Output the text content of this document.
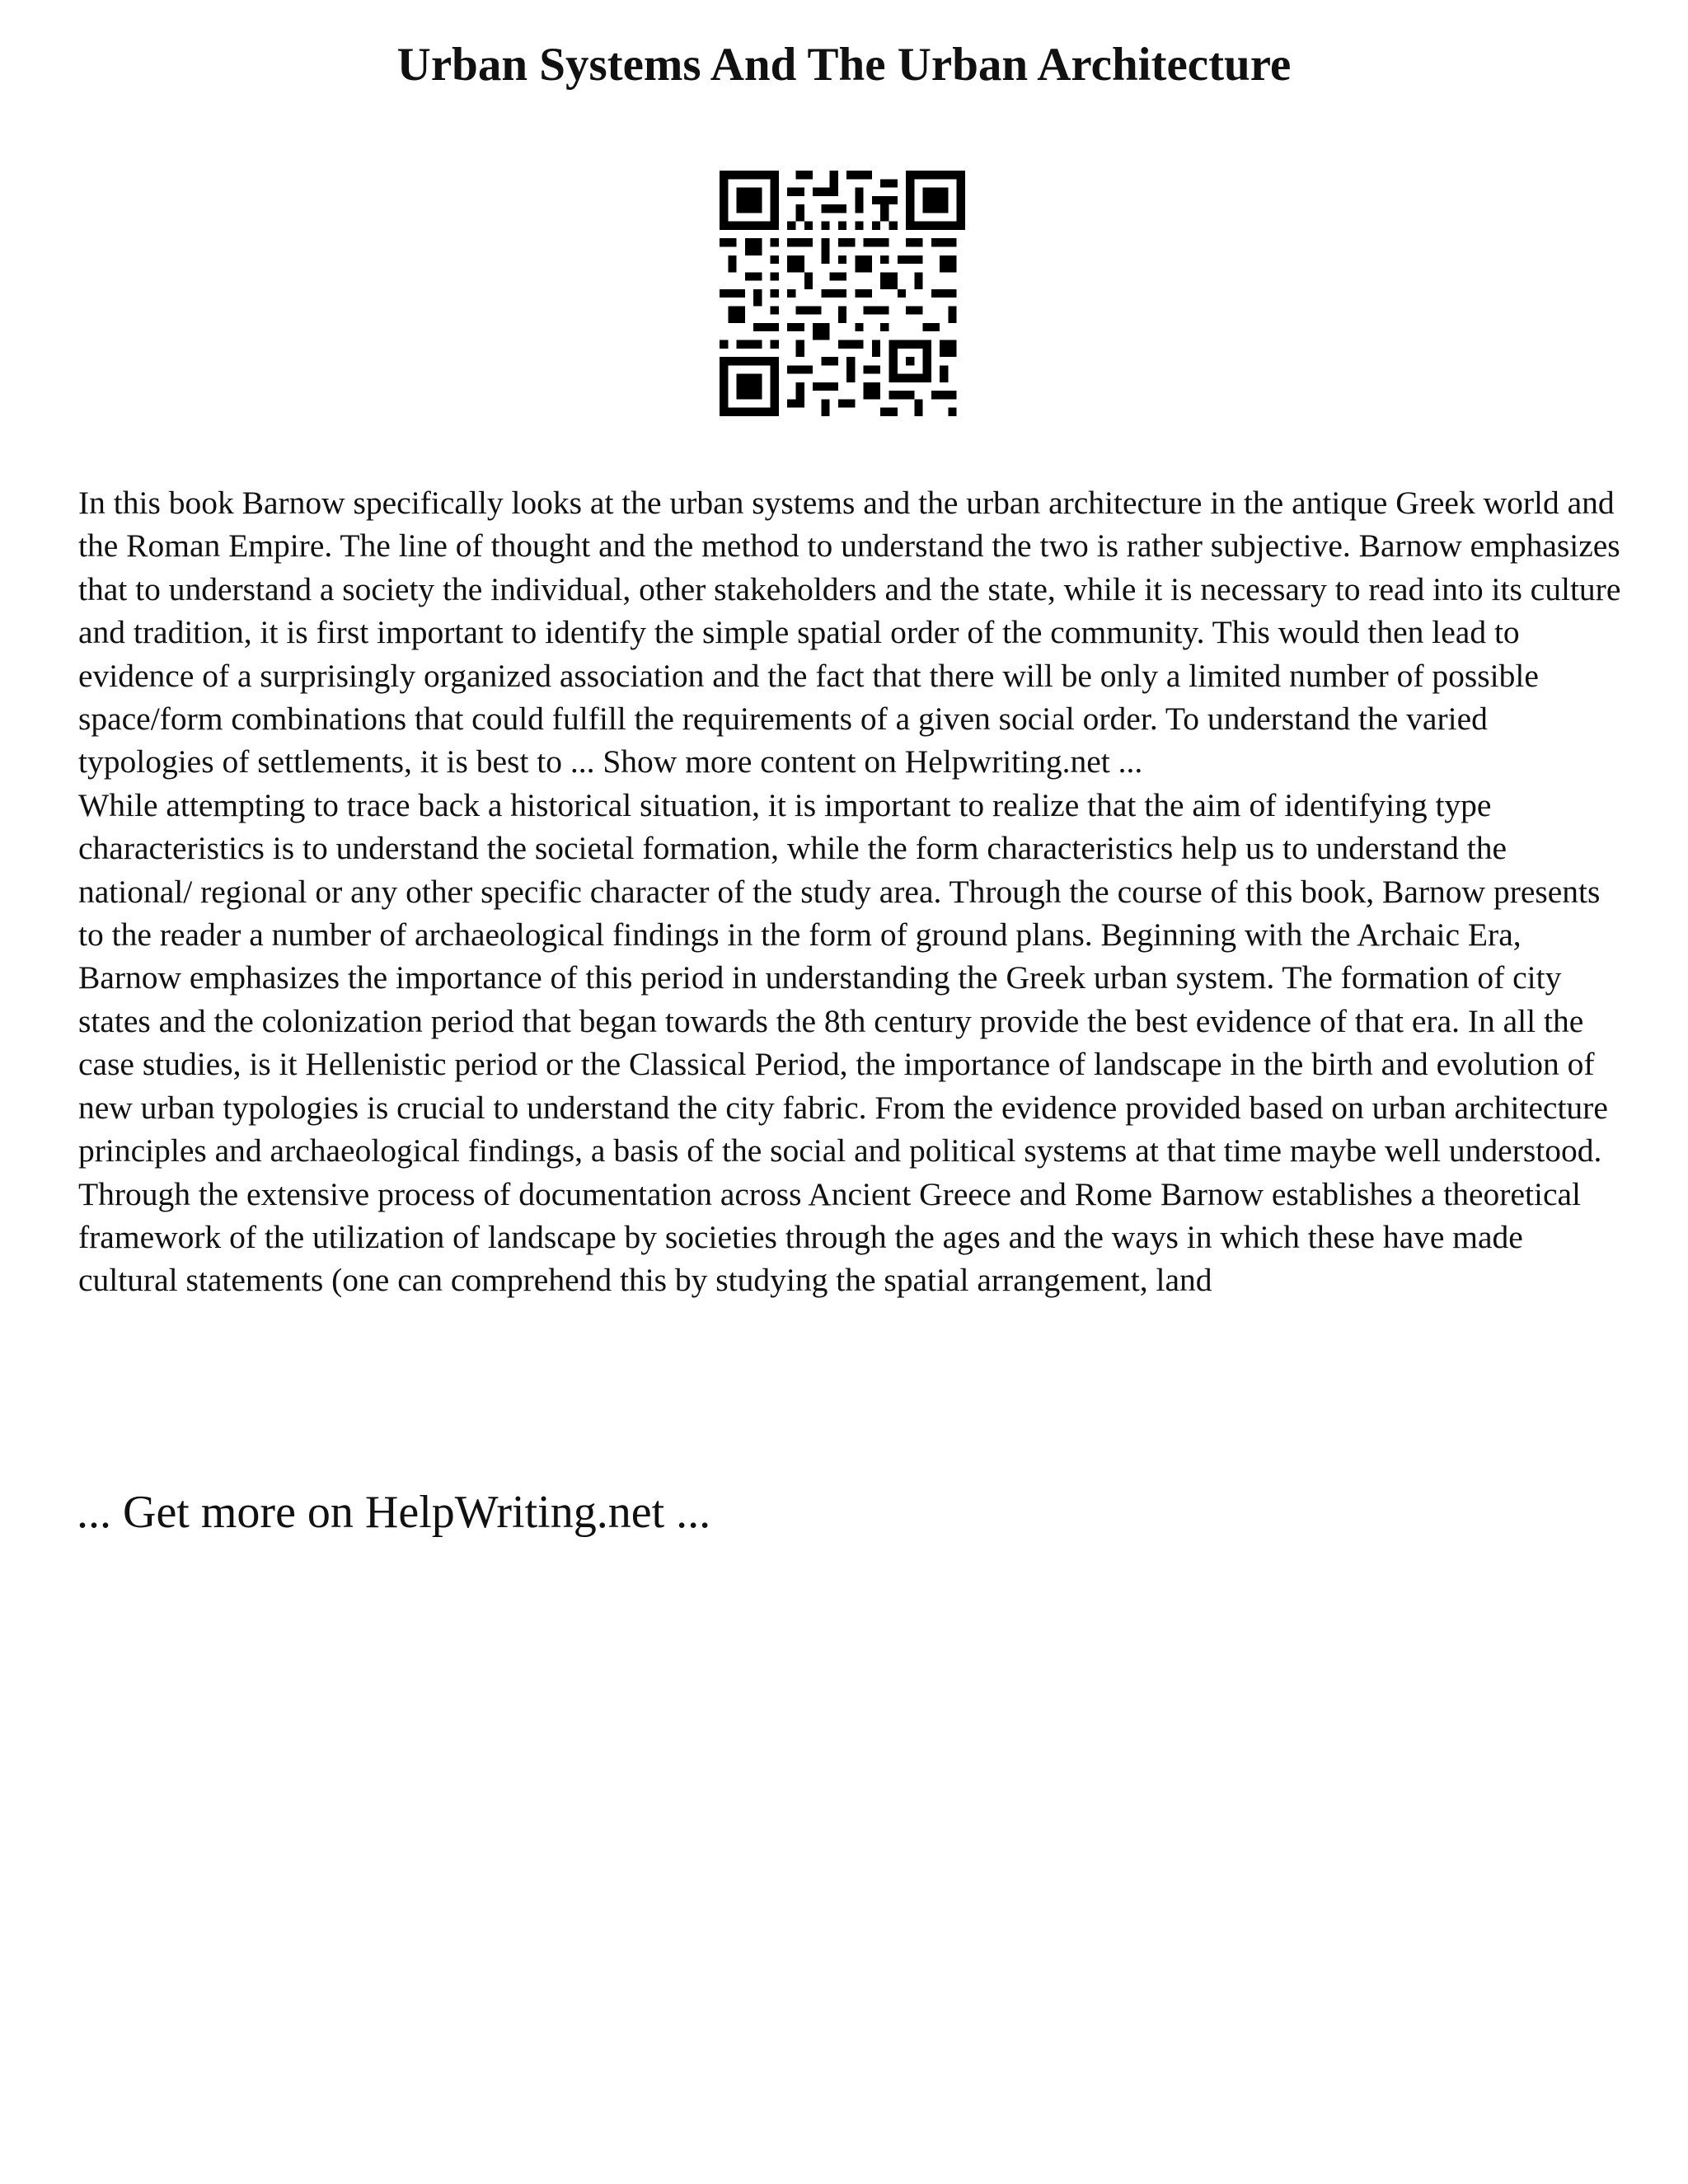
Urban Systems And The Urban Architecture

In this book Barnow specifically looks at the urban systems and the urban architecture in the antique Greek world and the Roman Empire. The line of thought and the method to understand the two is rather subjective. Barnow emphasizes that to understand a society the individual, other stakeholders and the state, while it is necessary to read into its culture and tradition, it is first important to identify the simple spatial order of the community. This would then lead to evidence of a surprisingly organized association and the fact that there will be only a limited number of possible space/form combinations that could fulfill the requirements of a given social order. To understand the varied typologies of settlements, it is best to ... Show more content on Helpwriting.net ...

While attempting to trace back a historical situation, it is important to realize that the aim of identifying type characteristics is to understand the societal formation, while the form characteristics help us to understand the national/ regional or any other specific character of the study area. Through the course of this book, Barnow presents to the reader a number of archaeological findings in the form of ground plans. Beginning with the Archaic Era, Barnow emphasizes the importance of this period in understanding the Greek urban system. The formation of city states and the colonization period that began towards the 8th century provide the best evidence of that era. In all the case studies, is it Hellenistic period or the Classical Period, the importance of landscape in the birth and evolution of new urban typologies is crucial to understand the city fabric. From the evidence provided based on urban architecture principles and archaeological findings, a basis of the social and political systems at that time maybe well understood. Through the extensive process of documentation across Ancient Greece and Rome Barnow establishes a theoretical framework of the utilization of landscape by societies through the ages and the ways in which these have made cultural statements (one can comprehend this by studying the spatial arrangement, land

... Get more on HelpWriting.net ...
